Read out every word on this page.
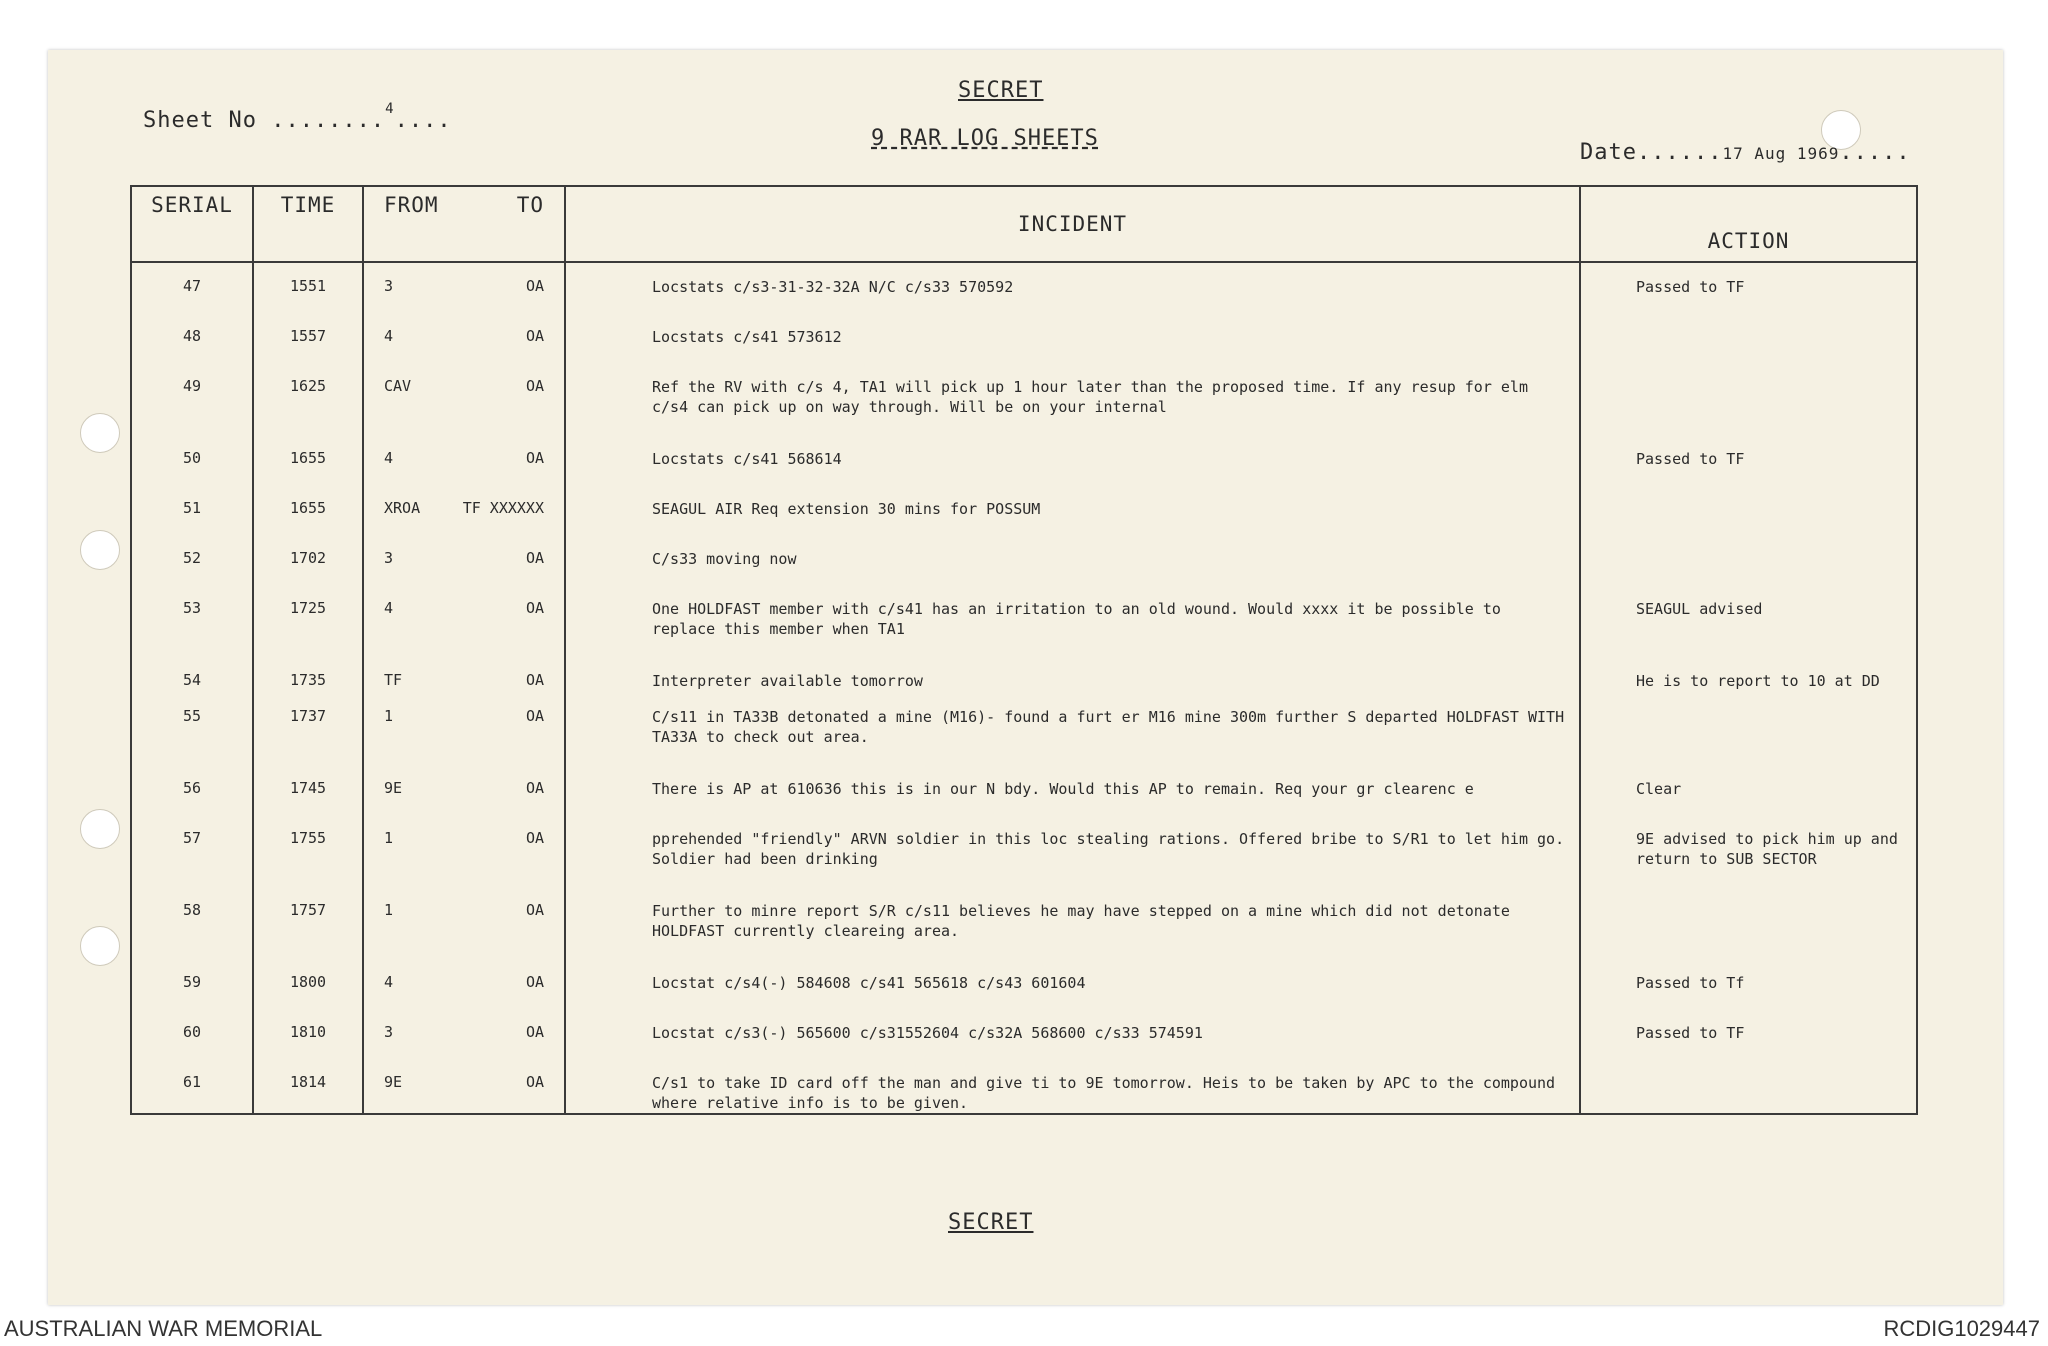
Sheet No ........$^4$....
SECRET
9 RAR LOG SHEETS
Date......17 Aug 1969.....
SERIAL	TIME	FROM TO	INCIDENT	ACTION
47	1551	3 OA	Locstats c/s3-31-32-32A N/C c/s33 570592	Passed to TF
48	1557	4 OA	Locstats c/s41 573612	
49	1625	CAV OA	Ref the RV with c/s 4, TA1 will pick up 1 hour later than the proposed time. If any resup for elm c/s4 can pick up on way through. Will be on your internal	
50	1655	4 OA	Locstats c/s41 568614	Passed to TF
51	1655	XROA TF XXXXXX	SEAGUL AIR Req extension 30 mins for POSSUM	
52	1702	3 OA	C/s33 moving now	
53	1725	4 OA	One HOLDFAST member with c/s41 has an irritation to an old wound. Would xxxx it be possible to replace this member when TA1	SEAGUL advised
54	1735	TF OA	Interpreter available tomorrow	He is to report to 10 at DD
55	1737	1 OA	C/s11 in TA33B detonated a mine (M16)- found a furt er M16 mine 300m further S departed HOLDFAST WITH TA33A to check out area.	
56	1745	9E OA	There is AP at 610636 this is in our N bdy. Would this AP to remain. Req your gr clearenc e	Clear
57	1755	1 OA	pprehended "friendly" ARVN soldier in this loc stealing rations. Offered bribe to S/R1 to let him go. Soldier had been drinking	9E advised to pick him up and return to SUB SECTOR
58	1757	1 OA	Further to minre report S/R c/s11 believes he may have stepped on a mine which did not detonate HOLDFAST currently cleareing area.	
59	1800	4 OA	Locstat c/s4(-) 584608 c/s41 565618 c/s43 601604	Passed to Tf
60	1810	3 OA	Locstat c/s3(-) 565600 c/s31552604 c/s32A 568600 c/s33 574591	Passed to TF
61	1814	9E OA	C/s1 to take ID card off the man and give ti to 9E tomorrow. Heis to be taken by APC to the compound where relative info is to be given.	
SECRET
AUSTRALIAN WAR MEMORIAL	RCDIG1029447
